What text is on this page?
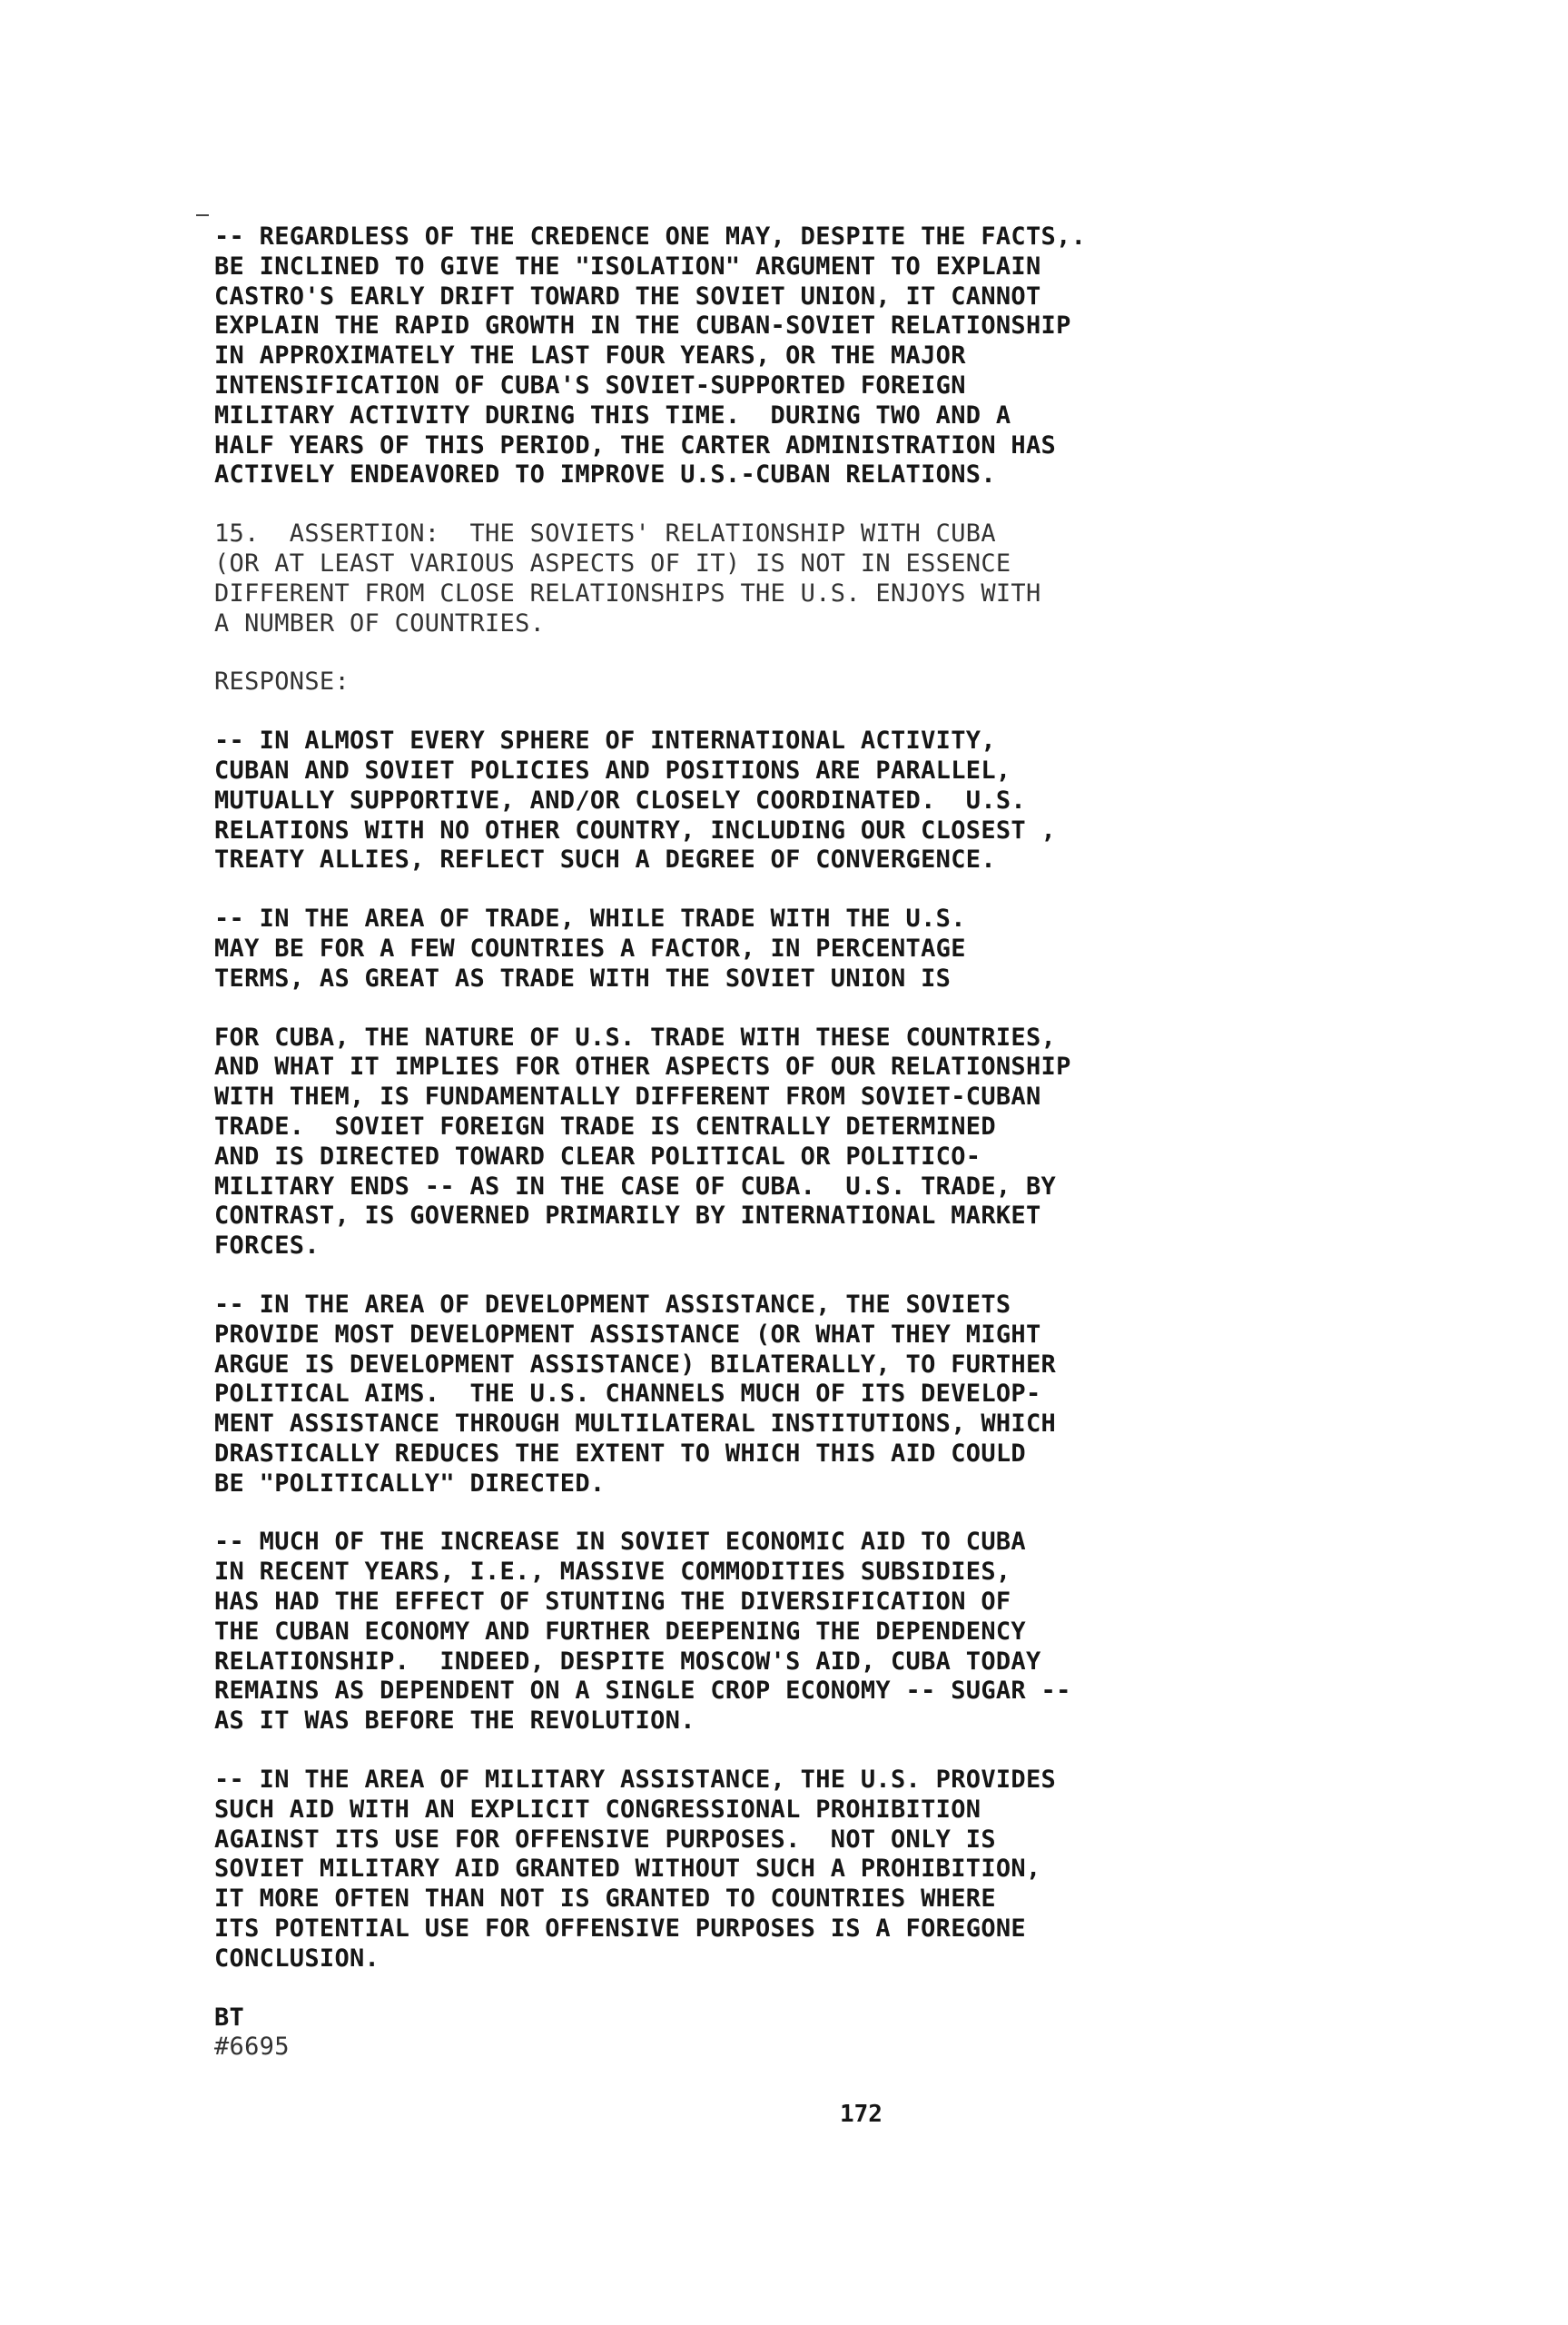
-- REGARDLESS OF THE CREDENCE ONE MAY, DESPITE THE FACTS,.
BE INCLINED TO GIVE THE "ISOLATION" ARGUMENT TO EXPLAIN
CASTRO'S EARLY DRIFT TOWARD THE SOVIET UNION, IT CANNOT
EXPLAIN THE RAPID GROWTH IN THE CUBAN-SOVIET RELATIONSHIP
IN APPROXIMATELY THE LAST FOUR YEARS, OR THE MAJOR
INTENSIFICATION OF CUBA'S SOVIET-SUPPORTED FOREIGN
MILITARY ACTIVITY DURING THIS TIME.  DURING TWO AND A
HALF YEARS OF THIS PERIOD, THE CARTER ADMINISTRATION HAS
ACTIVELY ENDEAVORED TO IMPROVE U.S.-CUBAN RELATIONS.
15.  ASSERTION:  THE SOVIETS' RELATIONSHIP WITH CUBA
(OR AT LEAST VARIOUS ASPECTS OF IT) IS NOT IN ESSENCE
DIFFERENT FROM CLOSE RELATIONSHIPS THE U.S. ENJOYS WITH
A NUMBER OF COUNTRIES.
RESPONSE:
-- IN ALMOST EVERY SPHERE OF INTERNATIONAL ACTIVITY,
CUBAN AND SOVIET POLICIES AND POSITIONS ARE PARALLEL,
MUTUALLY SUPPORTIVE, AND/OR CLOSELY COORDINATED.  U.S.
RELATIONS WITH NO OTHER COUNTRY, INCLUDING OUR CLOSEST ,
TREATY ALLIES, REFLECT SUCH A DEGREE OF CONVERGENCE.
-- IN THE AREA OF TRADE, WHILE TRADE WITH THE U.S.
MAY BE FOR A FEW COUNTRIES A FACTOR, IN PERCENTAGE
TERMS, AS GREAT AS TRADE WITH THE SOVIET UNION IS
FOR CUBA, THE NATURE OF U.S. TRADE WITH THESE COUNTRIES,
AND WHAT IT IMPLIES FOR OTHER ASPECTS OF OUR RELATIONSHIP
WITH THEM, IS FUNDAMENTALLY DIFFERENT FROM SOVIET-CUBAN
TRADE.  SOVIET FOREIGN TRADE IS CENTRALLY DETERMINED
AND IS DIRECTED TOWARD CLEAR POLITICAL OR POLITICO-
MILITARY ENDS -- AS IN THE CASE OF CUBA.  U.S. TRADE, BY
CONTRAST, IS GOVERNED PRIMARILY BY INTERNATIONAL MARKET
FORCES.
-- IN THE AREA OF DEVELOPMENT ASSISTANCE, THE SOVIETS
PROVIDE MOST DEVELOPMENT ASSISTANCE (OR WHAT THEY MIGHT
ARGUE IS DEVELOPMENT ASSISTANCE) BILATERALLY, TO FURTHER
POLITICAL AIMS.  THE U.S. CHANNELS MUCH OF ITS DEVELOP-
MENT ASSISTANCE THROUGH MULTILATERAL INSTITUTIONS, WHICH
DRASTICALLY REDUCES THE EXTENT TO WHICH THIS AID COULD
BE "POLITICALLY" DIRECTED.
-- MUCH OF THE INCREASE IN SOVIET ECONOMIC AID TO CUBA
IN RECENT YEARS, I.E., MASSIVE COMMODITIES SUBSIDIES,
HAS HAD THE EFFECT OF STUNTING THE DIVERSIFICATION OF
THE CUBAN ECONOMY AND FURTHER DEEPENING THE DEPENDENCY
RELATIONSHIP.  INDEED, DESPITE MOSCOW'S AID, CUBA TODAY
REMAINS AS DEPENDENT ON A SINGLE CROP ECONOMY -- SUGAR --
AS IT WAS BEFORE THE REVOLUTION.
-- IN THE AREA OF MILITARY ASSISTANCE, THE U.S. PROVIDES
SUCH AID WITH AN EXPLICIT CONGRESSIONAL PROHIBITION
AGAINST ITS USE FOR OFFENSIVE PURPOSES.  NOT ONLY IS
SOVIET MILITARY AID GRANTED WITHOUT SUCH A PROHIBITION,
IT MORE OFTEN THAN NOT IS GRANTED TO COUNTRIES WHERE
ITS POTENTIAL USE FOR OFFENSIVE PURPOSES IS A FOREGONE
CONCLUSION.
BT
#6695
172
